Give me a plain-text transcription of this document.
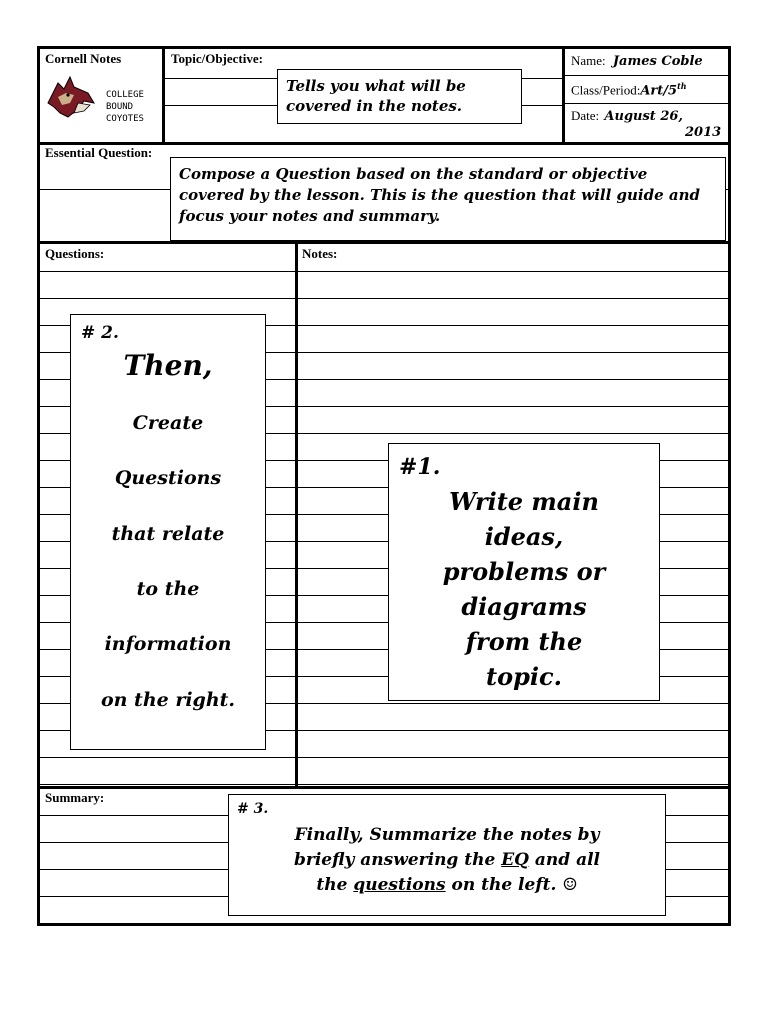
Cornell Notes
COLLEGE
BOUND
COYOTES
Topic/Objective:	Name: James Coble
Class/Period:Art/5th
Date: August 26,
2013
Tells you what will be covered in the notes.
Essential Question:
Compose a Question based on the standard or objective covered by the lesson. This is the question that will guide and focus your notes and summary.
Questions:	Notes:
# 2.
Then,
Create
Questions
that relate
to the
information
on the right.
#1.
Write main
ideas,
problems or
diagrams
from the
topic.
Summary:
# 3.
Finally, Summarize the notes by
briefly answering the EQ and all
the questions on the left. ☺
